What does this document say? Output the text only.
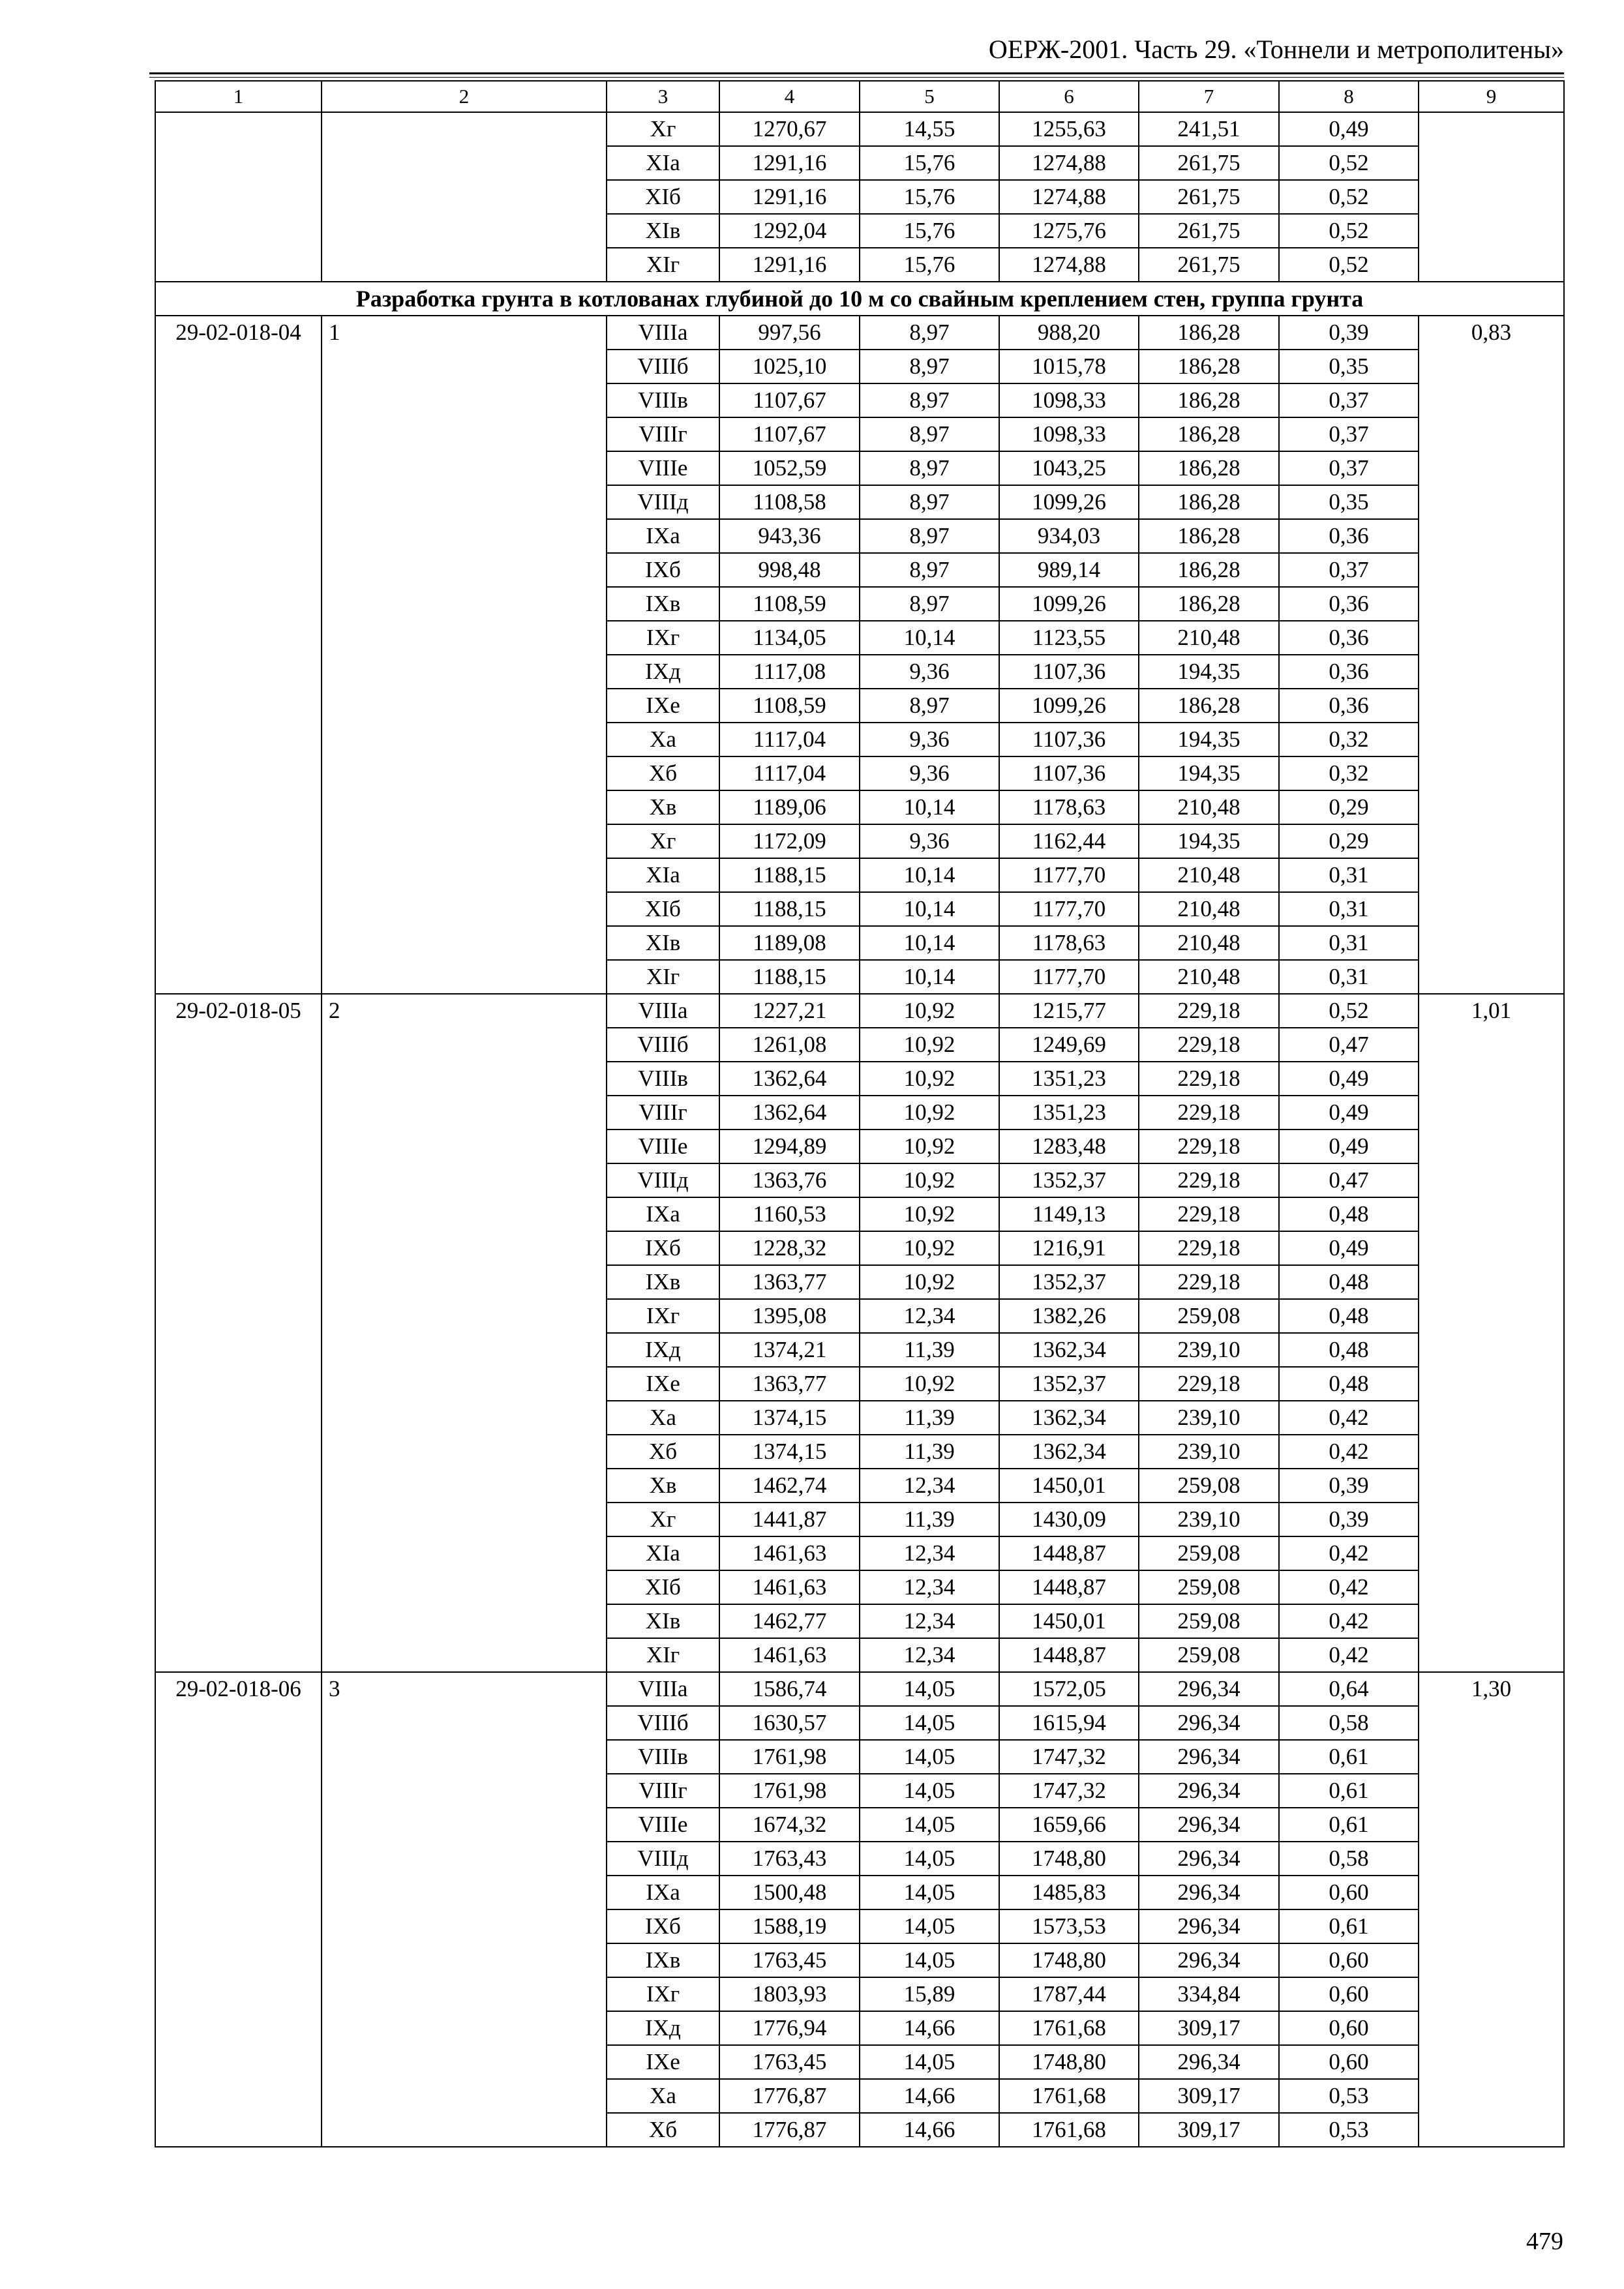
ОЕРЖ-2001. Часть 29. «Тоннели и метрополитены»
1	2	3	4	5	6	7	8	9
		Xг	1270,67	14,55	1255,63	241,51	0,49	
		XIа	1291,16	15,76	1274,88	261,75	0,52	
		XIб	1291,16	15,76	1274,88	261,75	0,52	
		XIв	1292,04	15,76	1275,76	261,75	0,52	
		XIг	1291,16	15,76	1274,88	261,75	0,52	
Разработка грунта в котлованах глубиной до 10 м со свайным креплением стен, группа грунта								
29-02-018-04	1	VIIIа	997,56	8,97	988,20	186,28	0,39	0,83
		VIIIб	1025,10	8,97	1015,78	186,28	0,35	
		VIIIв	1107,67	8,97	1098,33	186,28	0,37	
		VIIIг	1107,67	8,97	1098,33	186,28	0,37	
		VIIIе	1052,59	8,97	1043,25	186,28	0,37	
		VIIIд	1108,58	8,97	1099,26	186,28	0,35	
		IXа	943,36	8,97	934,03	186,28	0,36	
		IXб	998,48	8,97	989,14	186,28	0,37	
		IXв	1108,59	8,97	1099,26	186,28	0,36	
		IXг	1134,05	10,14	1123,55	210,48	0,36	
		IXд	1117,08	9,36	1107,36	194,35	0,36	
		IXе	1108,59	8,97	1099,26	186,28	0,36	
		Xа	1117,04	9,36	1107,36	194,35	0,32	
		Xб	1117,04	9,36	1107,36	194,35	0,32	
		Xв	1189,06	10,14	1178,63	210,48	0,29	
		Xг	1172,09	9,36	1162,44	194,35	0,29	
		XIа	1188,15	10,14	1177,70	210,48	0,31	
		XIб	1188,15	10,14	1177,70	210,48	0,31	
		XIв	1189,08	10,14	1178,63	210,48	0,31	
		XIг	1188,15	10,14	1177,70	210,48	0,31	
29-02-018-05	2	VIIIа	1227,21	10,92	1215,77	229,18	0,52	1,01
		VIIIб	1261,08	10,92	1249,69	229,18	0,47	
		VIIIв	1362,64	10,92	1351,23	229,18	0,49	
		VIIIг	1362,64	10,92	1351,23	229,18	0,49	
		VIIIе	1294,89	10,92	1283,48	229,18	0,49	
		VIIIд	1363,76	10,92	1352,37	229,18	0,47	
		IXа	1160,53	10,92	1149,13	229,18	0,48	
		IXб	1228,32	10,92	1216,91	229,18	0,49	
		IXв	1363,77	10,92	1352,37	229,18	0,48	
		IXг	1395,08	12,34	1382,26	259,08	0,48	
		IXд	1374,21	11,39	1362,34	239,10	0,48	
		IXе	1363,77	10,92	1352,37	229,18	0,48	
		Xа	1374,15	11,39	1362,34	239,10	0,42	
		Xб	1374,15	11,39	1362,34	239,10	0,42	
		Xв	1462,74	12,34	1450,01	259,08	0,39	
		Xг	1441,87	11,39	1430,09	239,10	0,39	
		XIа	1461,63	12,34	1448,87	259,08	0,42	
		XIб	1461,63	12,34	1448,87	259,08	0,42	
		XIв	1462,77	12,34	1450,01	259,08	0,42	
		XIг	1461,63	12,34	1448,87	259,08	0,42	
29-02-018-06	3	VIIIа	1586,74	14,05	1572,05	296,34	0,64	1,30
		VIIIб	1630,57	14,05	1615,94	296,34	0,58	
		VIIIв	1761,98	14,05	1747,32	296,34	0,61	
		VIIIг	1761,98	14,05	1747,32	296,34	0,61	
		VIIIе	1674,32	14,05	1659,66	296,34	0,61	
		VIIIд	1763,43	14,05	1748,80	296,34	0,58	
		IXа	1500,48	14,05	1485,83	296,34	0,60	
		IXб	1588,19	14,05	1573,53	296,34	0,61	
		IXв	1763,45	14,05	1748,80	296,34	0,60	
		IXг	1803,93	15,89	1787,44	334,84	0,60	
		IXд	1776,94	14,66	1761,68	309,17	0,60	
		IXе	1763,45	14,05	1748,80	296,34	0,60	
		Xа	1776,87	14,66	1761,68	309,17	0,53	
		Xб	1776,87	14,66	1761,68	309,17	0,53	
479
